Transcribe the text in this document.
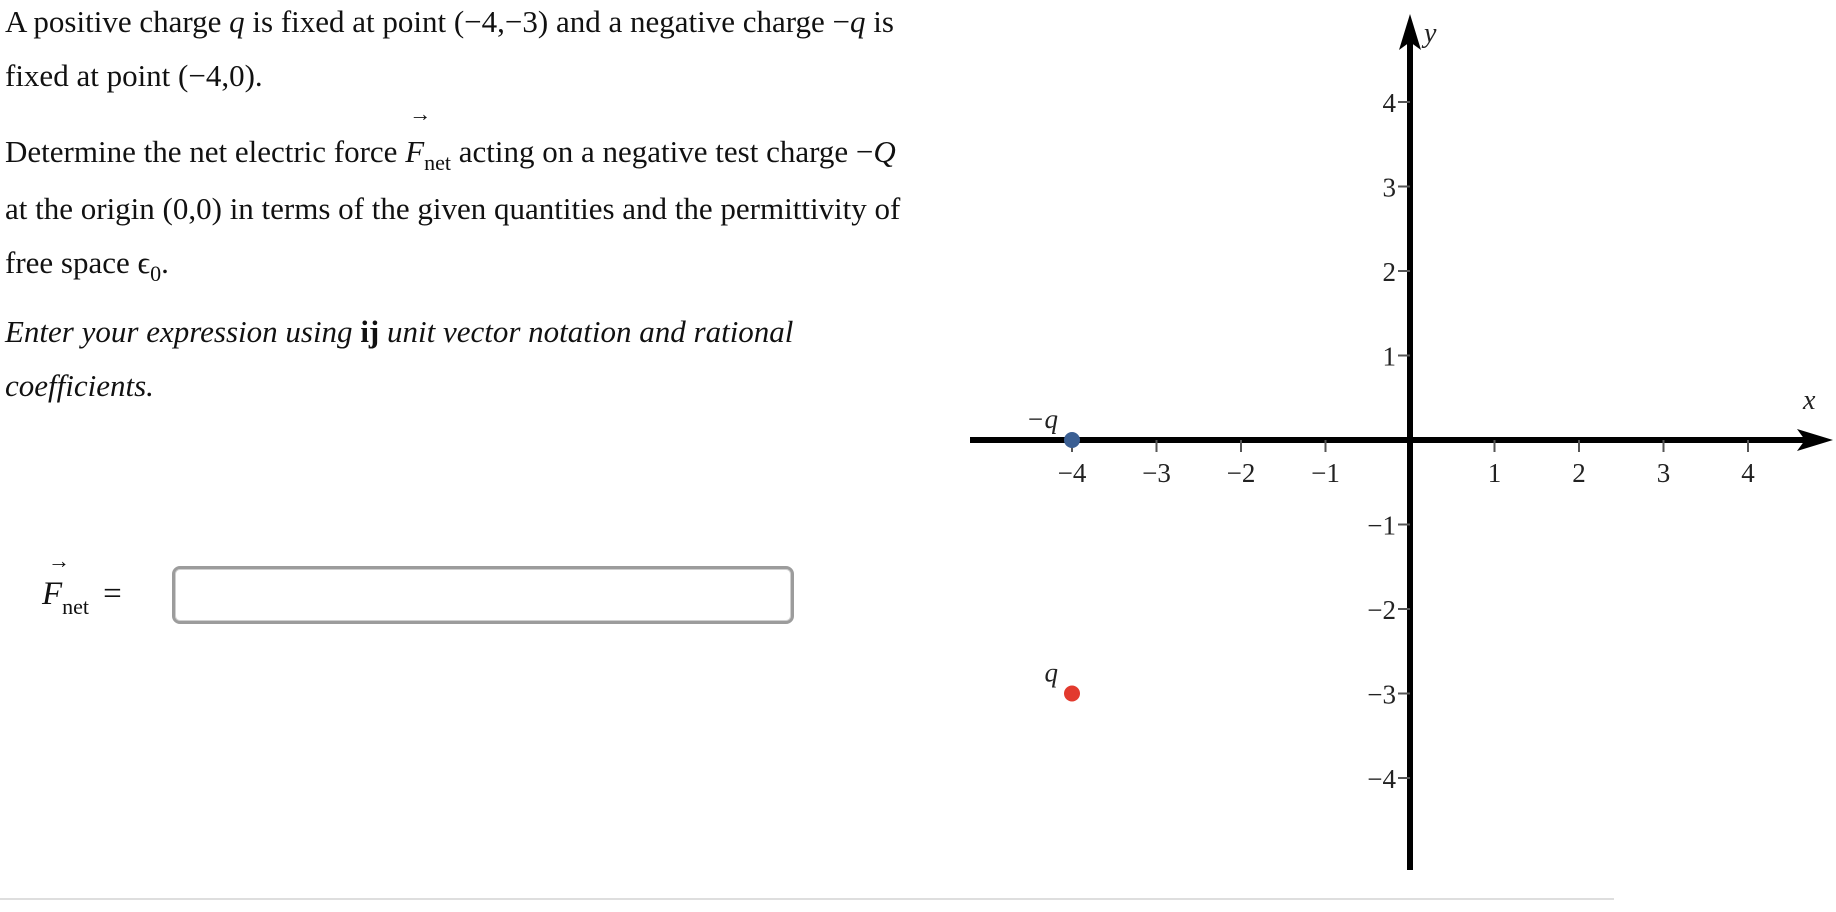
A positive charge q is fixed at point (−4,−3) and a negative charge −q is fixed at point (−4,0).

Determine the net electric force
→
$F_{net}$ acting on a negative test charge −Q at the origin (0,0) in terms of the given quantities and the permittivity of free space $\epsilon_0$.

Enter your expression using ij unit vector notation and rational coefficients.

→
$F_{net}$ =
x
y
−4 −3 −2 −1	1	2	3	4
4
3
2
1
−1
−2
−3
−4
−q
q
